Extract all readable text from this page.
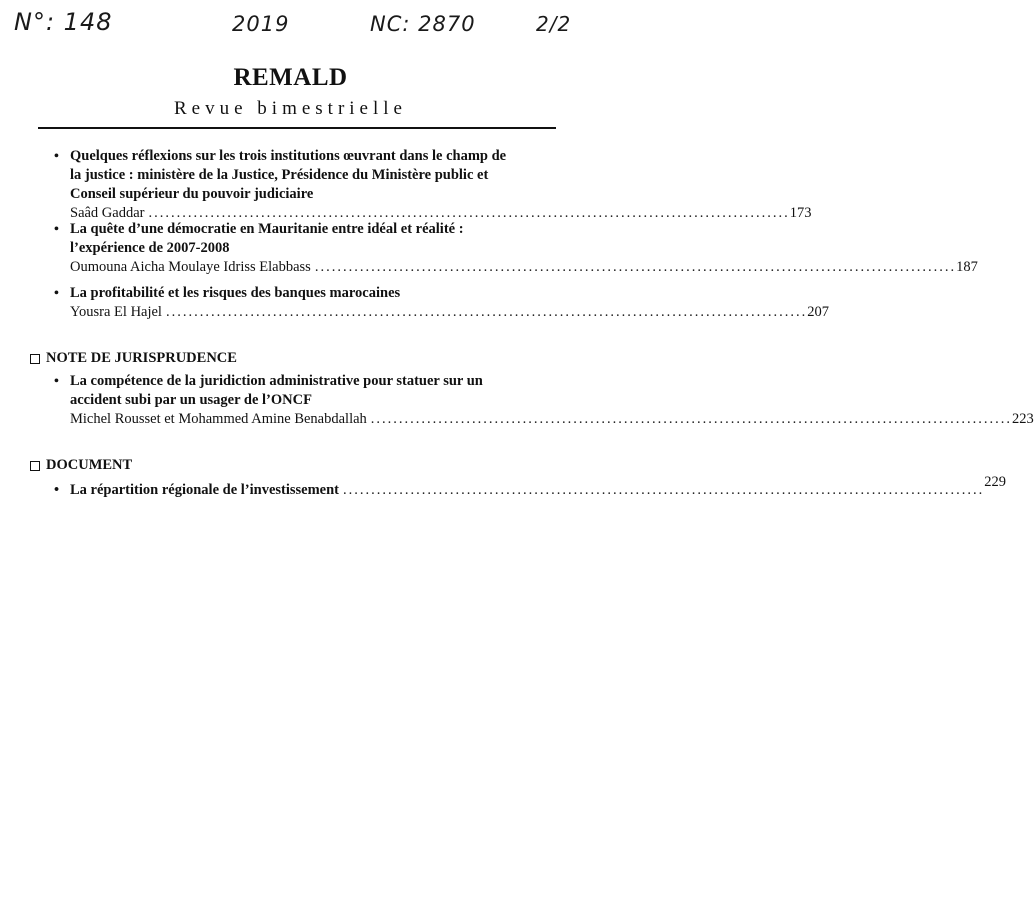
N°: 148	2019	NC: 2870	2/2
REMALD
Revue bimestrielle
• Quelques réflexions sur les trois institutions œuvrant dans le champ de la justice : ministère de la Justice, Présidence du Ministère public et Conseil supérieur du pouvoir judiciaire
Saâd Gaddar .................................................................................................................. 173
• La quête d’une démocratie en Mauritanie entre idéal et réalité : l’expérience de 2007-2008
Oumouna Aicha Moulaye Idriss Elabbass .................................................................................................................. 187
• La profitabilité et les risques des banques marocaines
Yousra El Hajel .................................................................................................................. 207
NOTE DE JURISPRUDENCE
• La compétence de la juridiction administrative pour statuer sur un accident subi par un usager de l’ONCF
Michel Rousset et Mohammed Amine Benabdallah .................................................................................................................. 223
DOCUMENT
• La répartition régionale de l’investissement .................................................................................................................. 229
